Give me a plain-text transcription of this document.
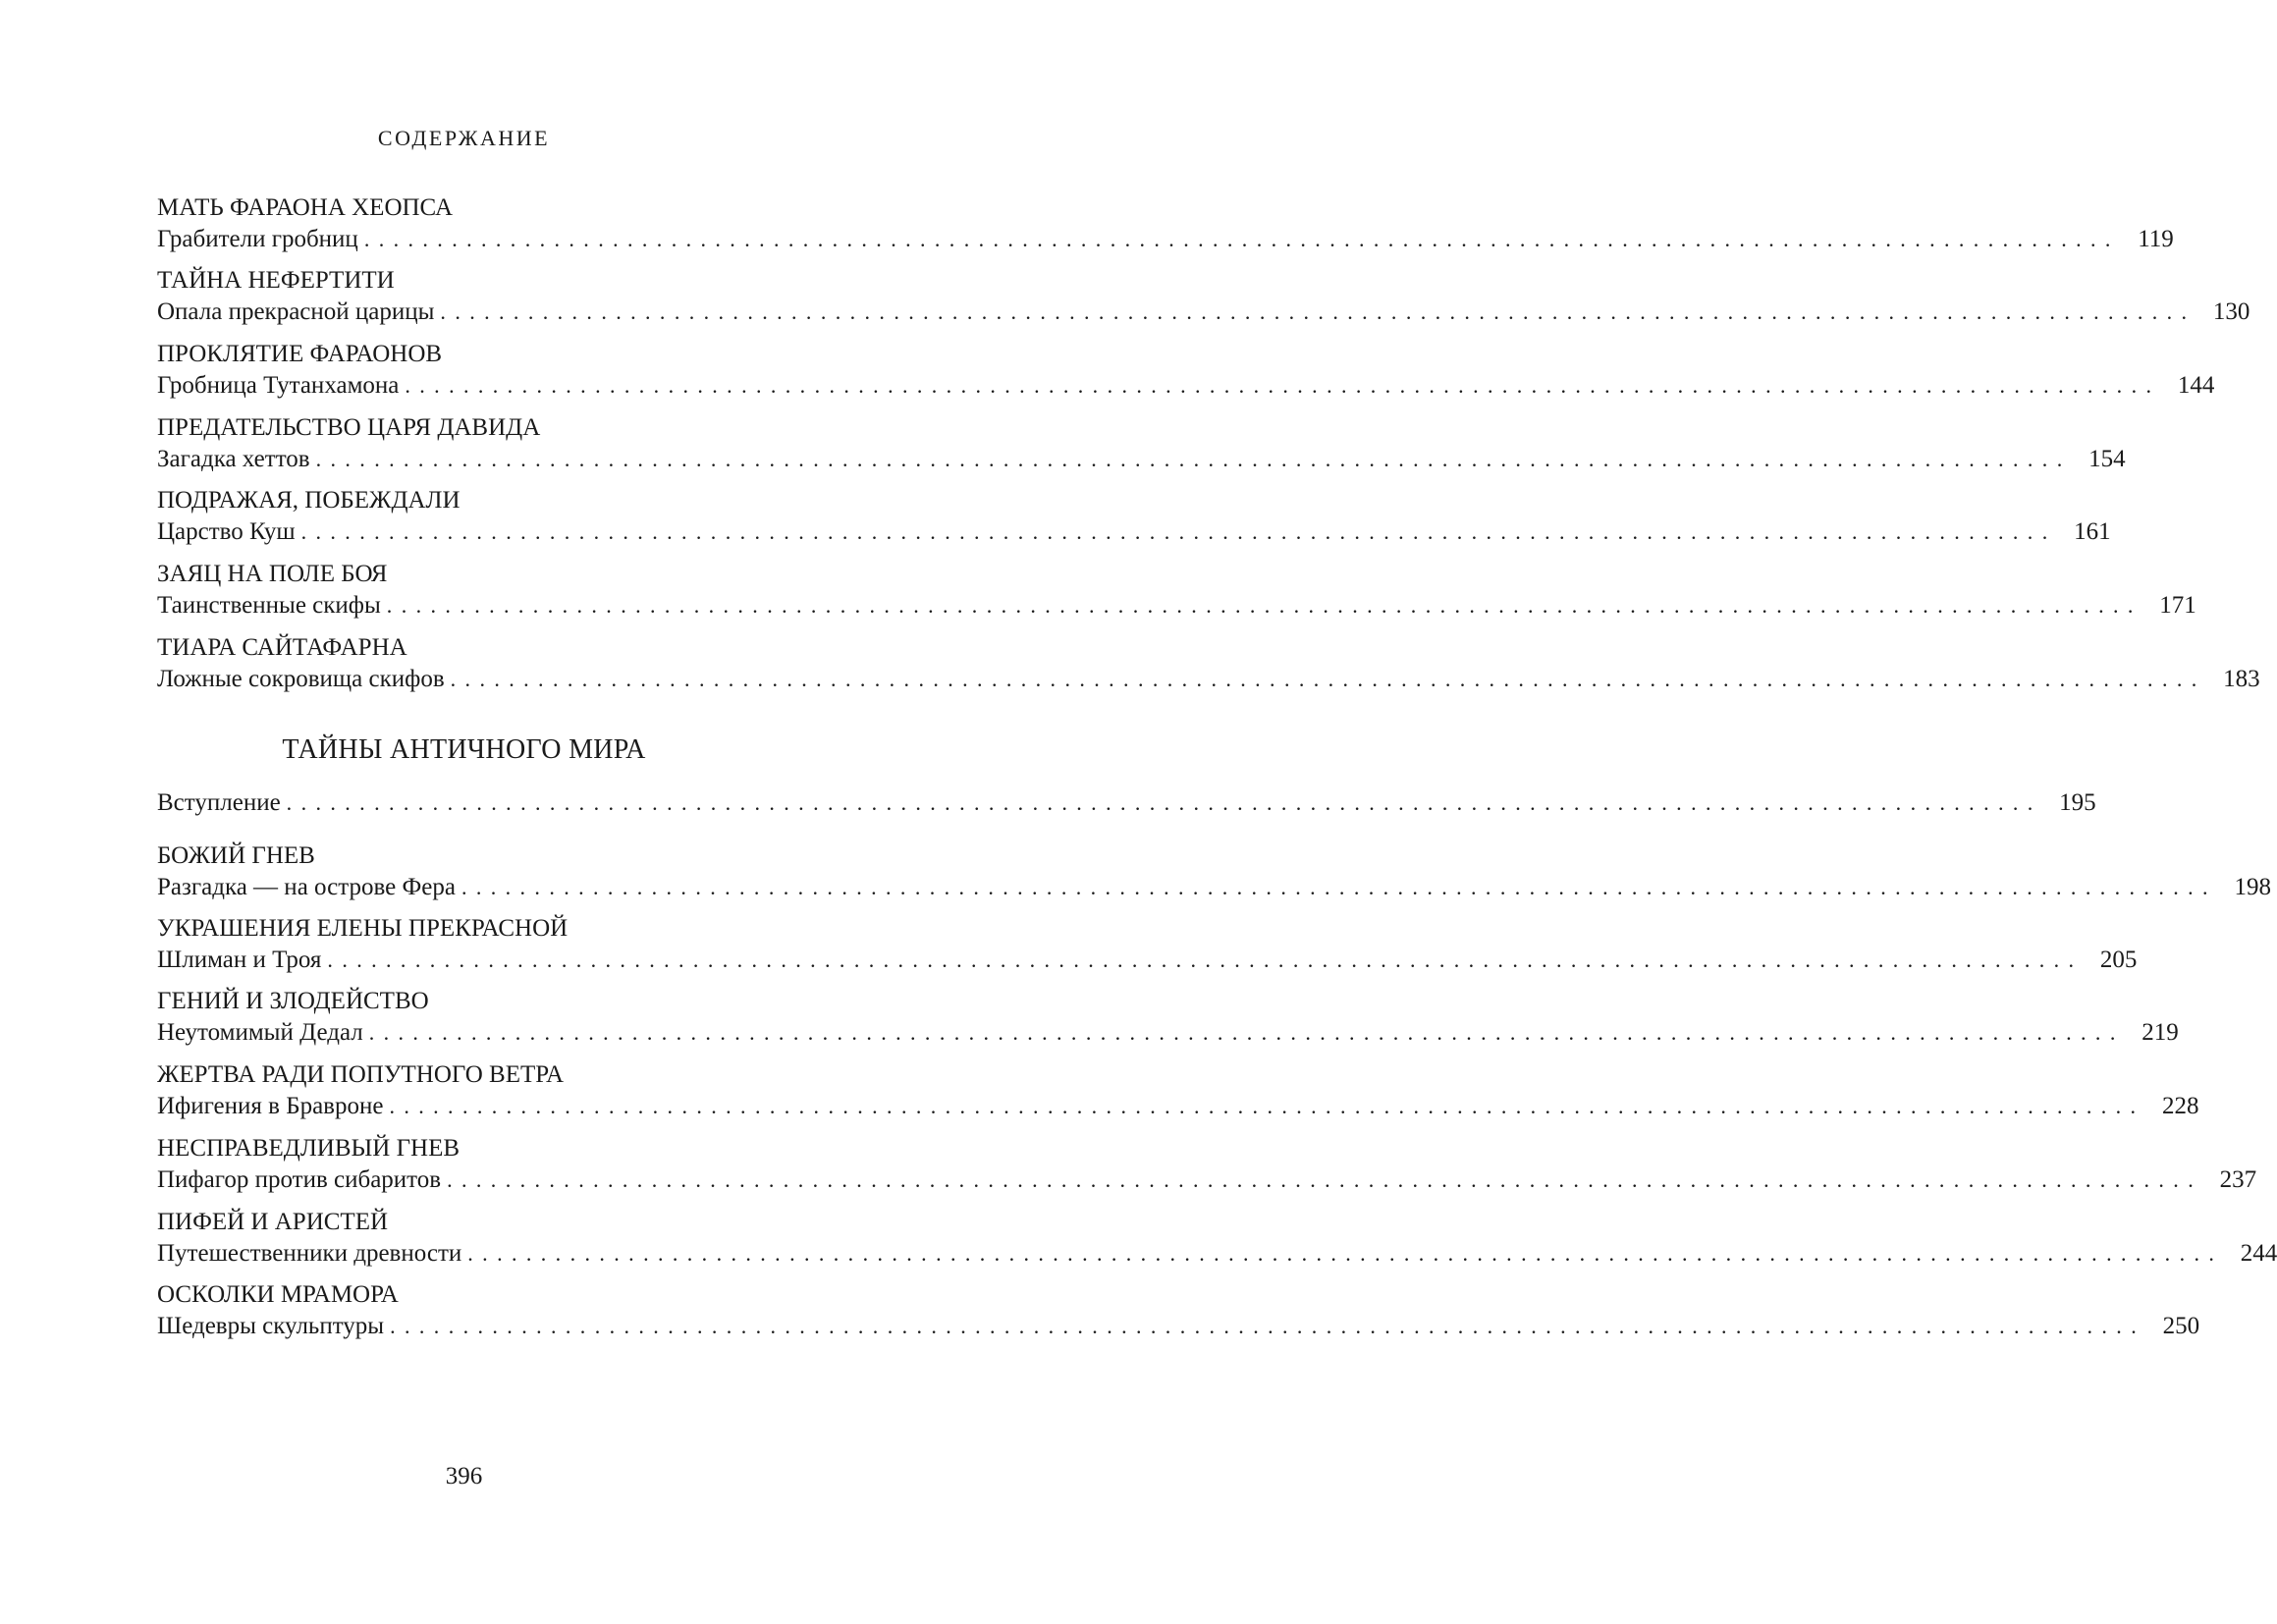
СОДЕРЖАНИЕ
МАТЬ ФАРАОНА ХЕОПСА
Грабители гробниц ........................................................................................................................ 119
ТАЙНА НЕФЕРТИТИ
Опала прекрасной царицы ........................................................................................................................ 130
ПРОКЛЯТИЕ ФАРАОНОВ
Гробница Тутанхамона ........................................................................................................................ 144
ПРЕДАТЕЛЬСТВО ЦАРЯ ДАВИДА
Загадка хеттов ........................................................................................................................ 154
ПОДРАЖАЯ, ПОБЕЖДАЛИ
Царство Куш ........................................................................................................................ 161
ЗАЯЦ НА ПОЛЕ БОЯ
Таинственные скифы ........................................................................................................................ 171
ТИАРА САЙТАФАРНА
Ложные сокровища скифов ........................................................................................................................ 183
ТАЙНЫ АНТИЧНОГО МИРА
Вступление ........................................................................................................................ 195
БОЖИЙ ГНЕВ
Разгадка — на острове Фера ........................................................................................................................ 198
УКРАШЕНИЯ ЕЛЕНЫ ПРЕКРАСНОЙ
Шлиман и Троя ........................................................................................................................ 205
ГЕНИЙ И ЗЛОДЕЙСТВО
Неутомимый Дедал ........................................................................................................................ 219
ЖЕРТВА РАДИ ПОПУТНОГО ВЕТРА
Ифигения в Бравроне ........................................................................................................................ 228
НЕСПРАВЕДЛИВЫЙ ГНЕВ
Пифагор против сибаритов ........................................................................................................................ 237
ПИФЕЙ И АРИСТЕЙ
Путешественники древности ........................................................................................................................ 244
ОСКОЛКИ МРАМОРА
Шедевры скульптуры ........................................................................................................................ 250
396
